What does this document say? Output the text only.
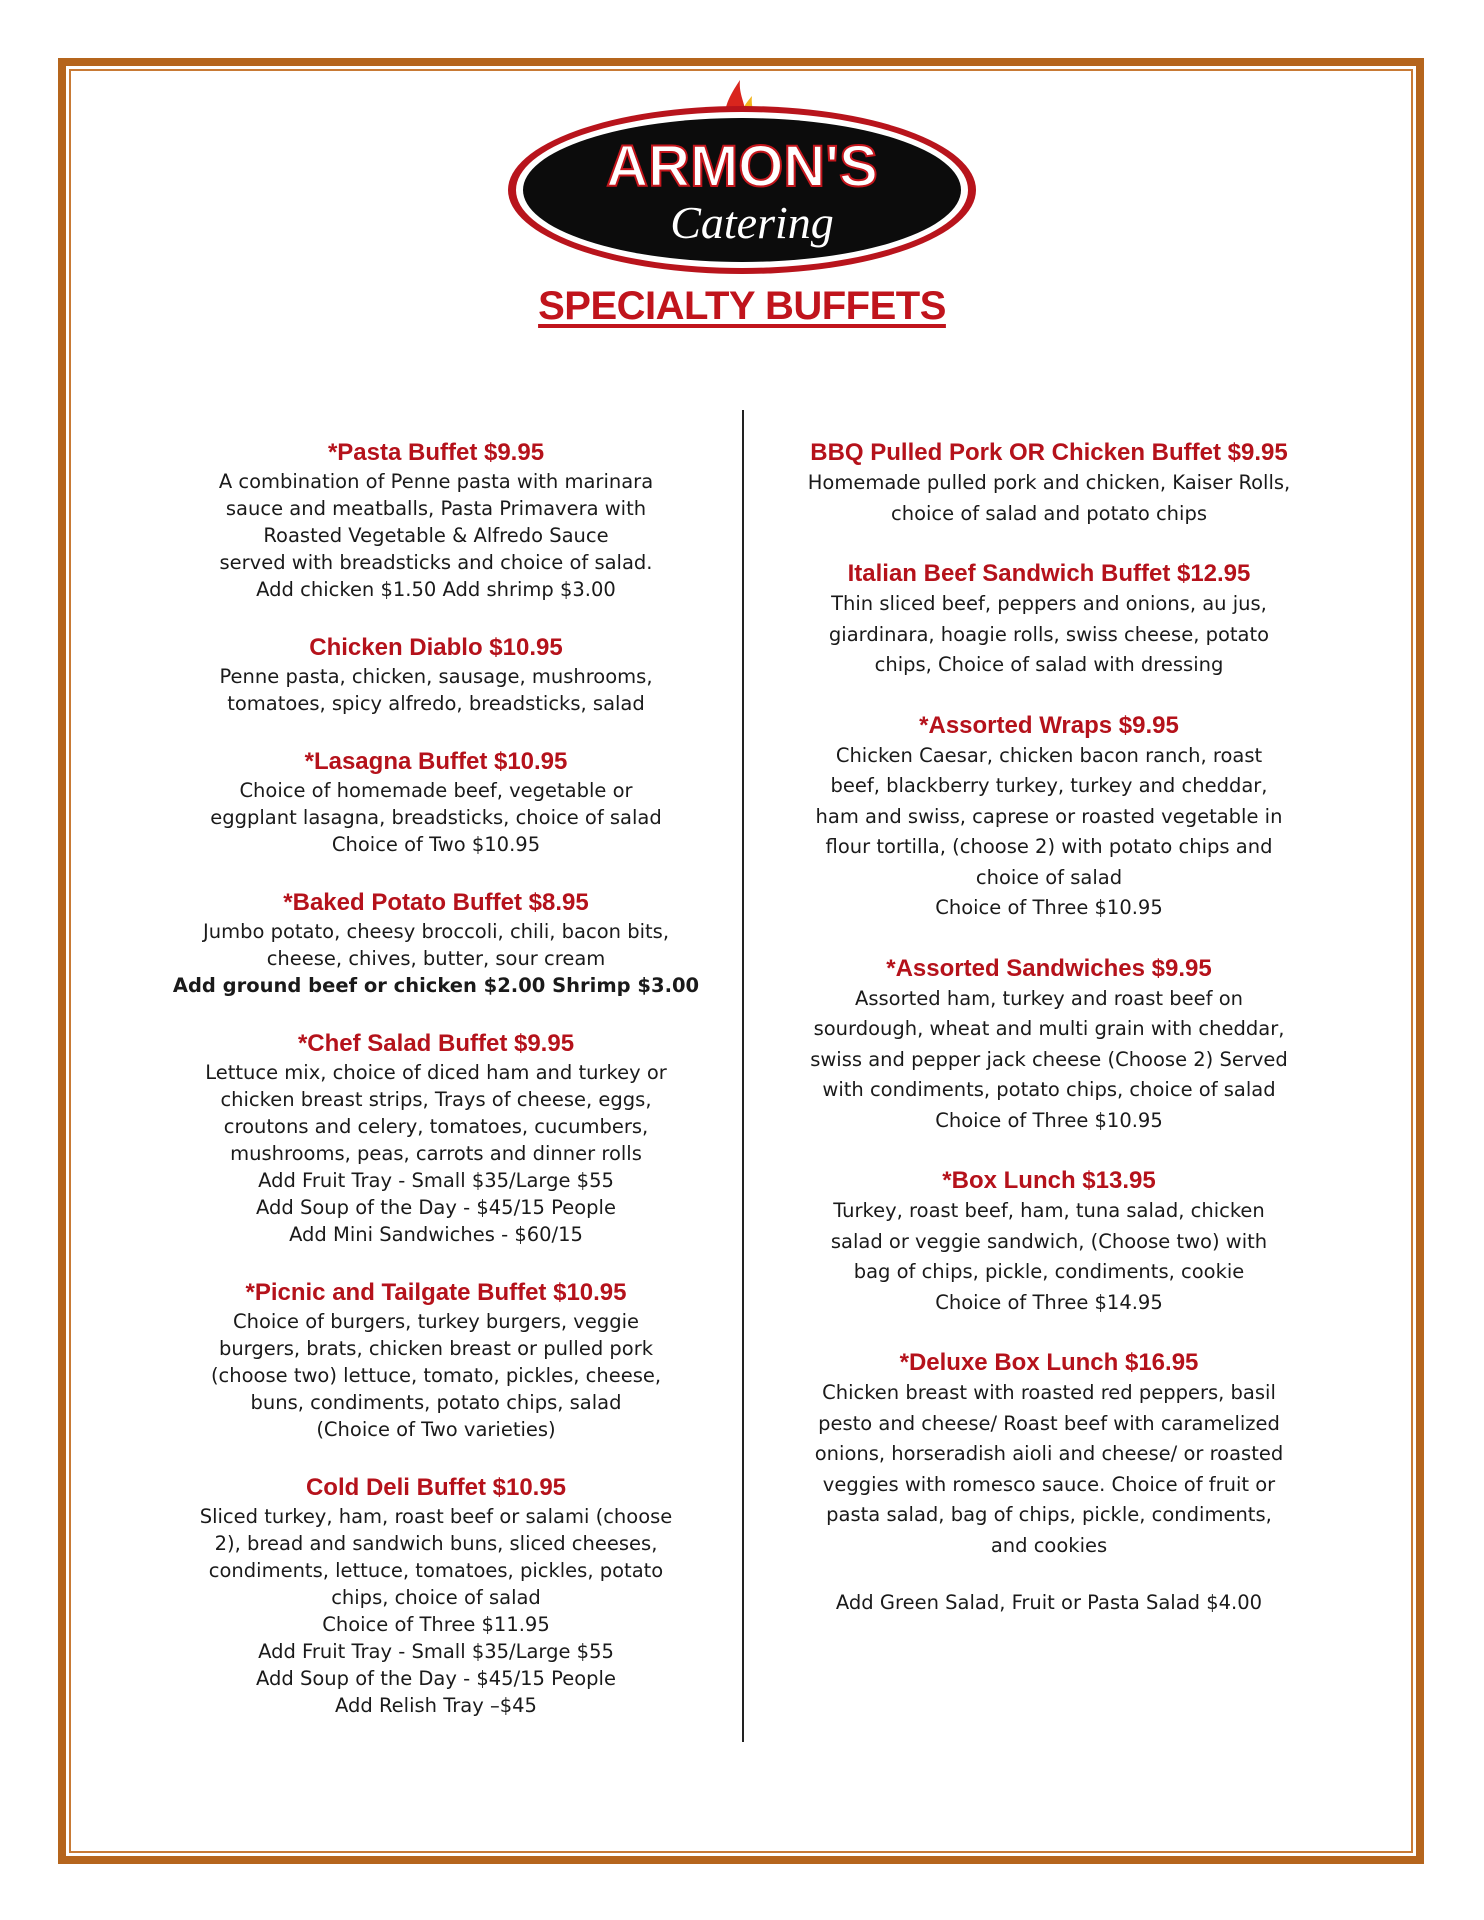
ARMON'S
Catering
SPECIALTY BUFFETS
*Pasta Buffet $9.95

A combination of Penne pasta with marinara
sauce and meatballs, Pasta Primavera with
Roasted Vegetable & Alfredo Sauce
served with breadsticks and choice of salad.
Add chicken $1.50 Add shrimp $3.00

Chicken Diablo $10.95

Penne pasta, chicken, sausage, mushrooms,
tomatoes, spicy alfredo, breadsticks, salad

*Lasagna Buffet $10.95

Choice of homemade beef, vegetable or
eggplant lasagna, breadsticks, choice of salad
Choice of Two $10.95

*Baked Potato Buffet $8.95

Jumbo potato, cheesy broccoli, chili, bacon bits,
cheese, chives, butter, sour cream

Add ground beef or chicken $2.00 Shrimp $3.00

*Chef Salad Buffet $9.95

Lettuce mix, choice of diced ham and turkey or
chicken breast strips, Trays of cheese, eggs,
croutons and celery, tomatoes, cucumbers,
mushrooms, peas, carrots and dinner rolls
Add Fruit Tray - Small $35/Large $55
Add Soup of the Day - $45/15 People
Add Mini Sandwiches - $60/15

*Picnic and Tailgate Buffet $10.95

Choice of burgers, turkey burgers, veggie
burgers, brats, chicken breast or pulled pork
(choose two) lettuce, tomato, pickles, cheese,
buns, condiments, potato chips, salad
(Choice of Two varieties)

Cold Deli Buffet $10.95

Sliced turkey, ham, roast beef or salami (choose
2), bread and sandwich buns, sliced cheeses,
condiments, lettuce, tomatoes, pickles, potato
chips, choice of salad
Choice of Three $11.95
Add Fruit Tray - Small $35/Large $55
Add Soup of the Day - $45/15 People
Add Relish Tray –$45

BBQ Pulled Pork OR Chicken Buffet $9.95

Homemade pulled pork and chicken, Kaiser Rolls,
choice of salad and potato chips

Italian Beef Sandwich Buffet $12.95

Thin sliced beef, peppers and onions, au jus,
giardinara, hoagie rolls, swiss cheese, potato
chips, Choice of salad with dressing

*Assorted Wraps $9.95

Chicken Caesar, chicken bacon ranch, roast
beef, blackberry turkey, turkey and cheddar,
ham and swiss, caprese or roasted vegetable in
flour tortilla, (choose 2) with potato chips and
choice of salad
Choice of Three $10.95

*Assorted Sandwiches $9.95

Assorted ham, turkey and roast beef on
sourdough, wheat and multi grain with cheddar,
swiss and pepper jack cheese (Choose 2) Served
with condiments, potato chips, choice of salad
Choice of Three $10.95

*Box Lunch $13.95

Turkey, roast beef, ham, tuna salad, chicken
salad or veggie sandwich, (Choose two) with
bag of chips, pickle, condiments, cookie
Choice of Three $14.95

*Deluxe Box Lunch $16.95

Chicken breast with roasted red peppers, basil
pesto and cheese/ Roast beef with caramelized
onions, horseradish aioli and cheese/ or roasted
veggies with romesco sauce. Choice of fruit or
pasta salad, bag of chips, pickle, condiments,
and cookies

Add Green Salad, Fruit or Pasta Salad $4.00
